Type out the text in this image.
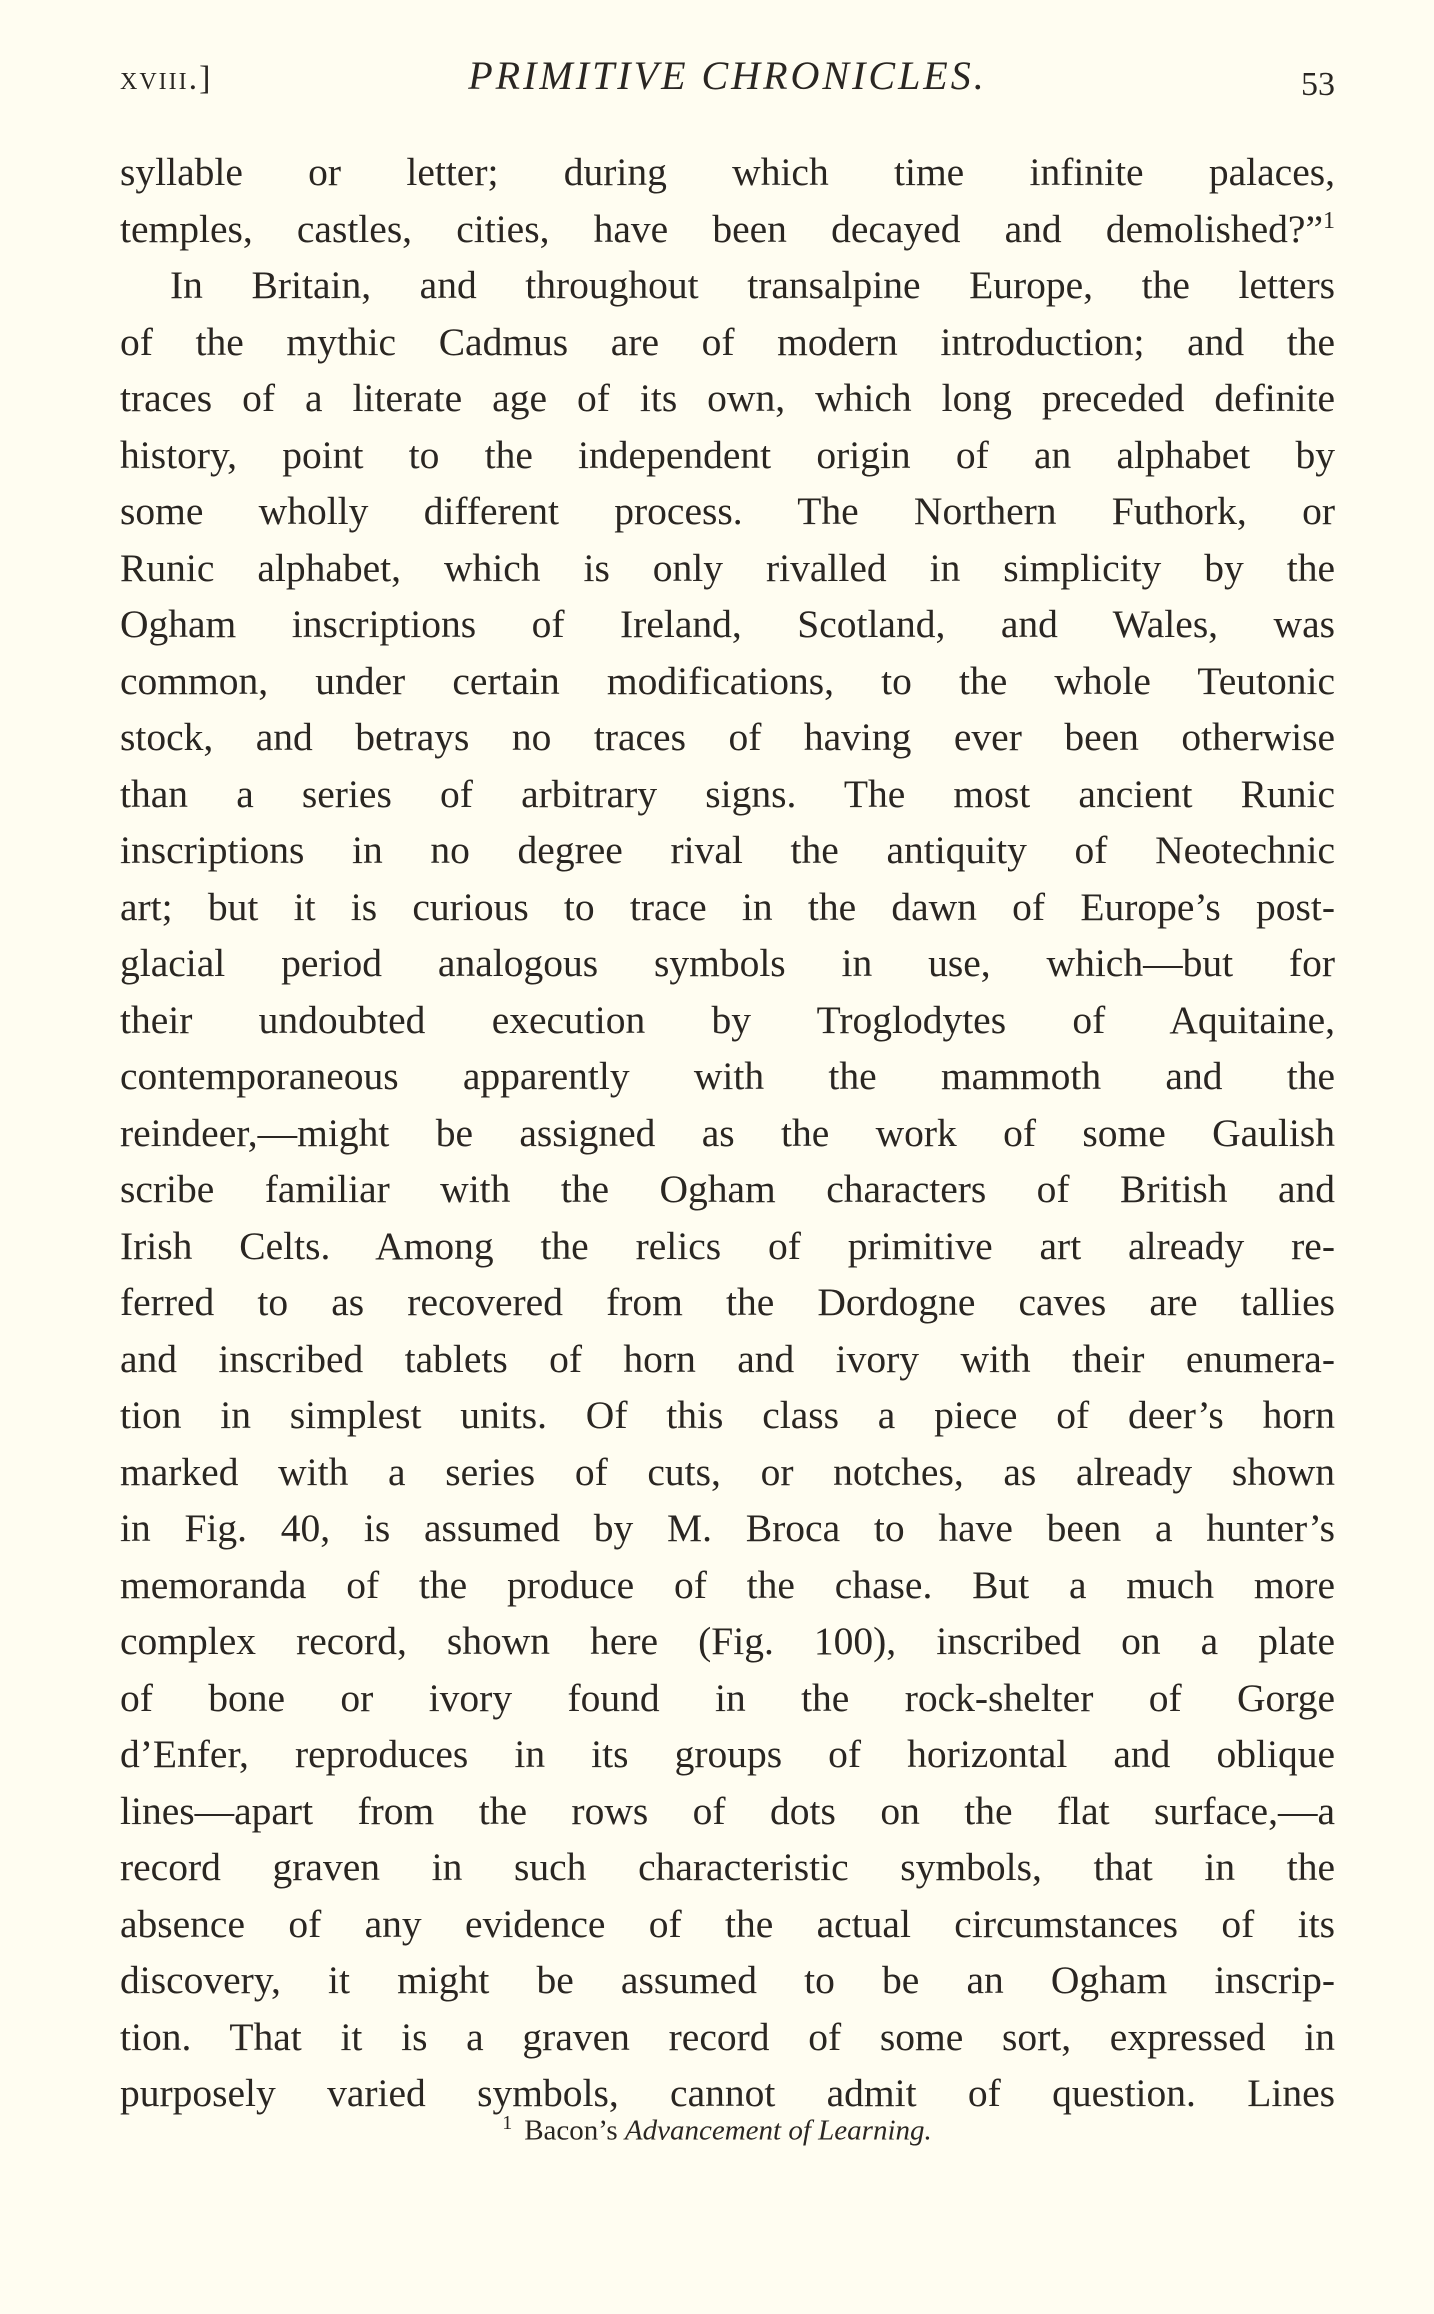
xviii.]	PRIMITIVE CHRONICLES.	53
syllable or letter; during which time infinite palaces,
temples, castles, cities, have been decayed and demolished?”$^1$
In Britain, and throughout transalpine Europe, the letters
of the mythic Cadmus are of modern introduction; and the
traces of a literate age of its own, which long preceded definite
history, point to the independent origin of an alphabet by
some wholly different process. The Northern Futhork, or
Runic alphabet, which is only rivalled in simplicity by the
Ogham inscriptions of Ireland, Scotland, and Wales, was
common, under certain modifications, to the whole Teutonic
stock, and betrays no traces of having ever been otherwise
than a series of arbitrary signs. The most ancient Runic
inscriptions in no degree rival the antiquity of Neotechnic
art; but it is curious to trace in the dawn of Europe’s post-
glacial period analogous symbols in use, which—but for
their undoubted execution by Troglodytes of Aquitaine,
contemporaneous apparently with the mammoth and the
reindeer,—might be assigned as the work of some Gaulish
scribe familiar with the Ogham characters of British and
Irish Celts. Among the relics of primitive art already re-
ferred to as recovered from the Dordogne caves are tallies
and inscribed tablets of horn and ivory with their enumera-
tion in simplest units. Of this class a piece of deer’s horn
marked with a series of cuts, or notches, as already shown
in Fig. 40, is assumed by M. Broca to have been a hunter’s
memoranda of the produce of the chase. But a much more
complex record, shown here (Fig. 100), inscribed on a plate
of bone or ivory found in the rock-shelter of Gorge
d’Enfer, reproduces in its groups of horizontal and oblique
lines—apart from the rows of dots on the flat surface,—a
record graven in such characteristic symbols, that in the
absence of any evidence of the actual circumstances of its
discovery, it might be assumed to be an Ogham inscrip-
tion. That it is a graven record of some sort, expressed in
purposely varied symbols, cannot admit of question. Lines
$^1$ Bacon’s Advancement of Learning.
